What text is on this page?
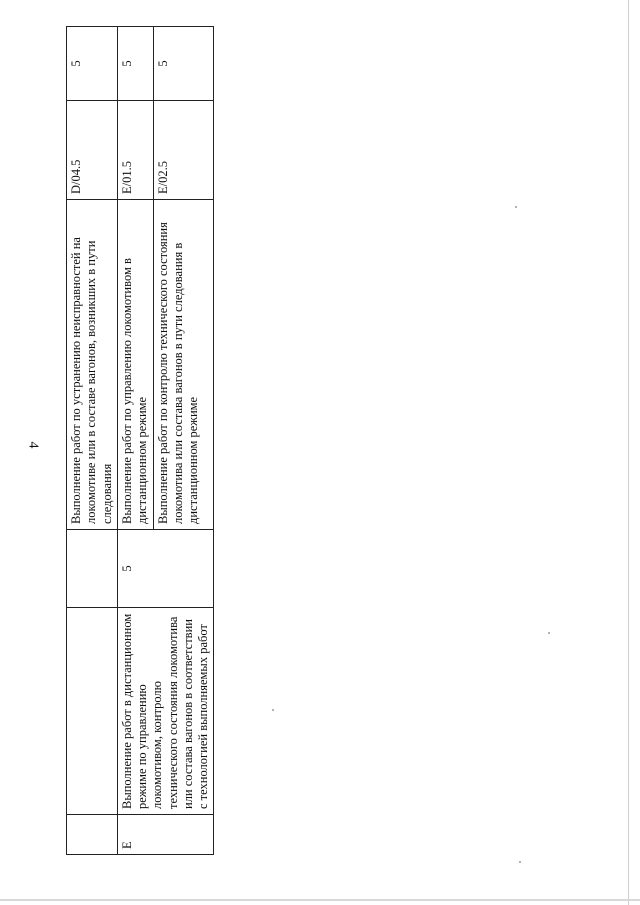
4

			Выполнение работ по устранению неисправностей на локомотиве или в составе вагонов, возникших в пути следования	D/04.5	5
E	Выполнение работ в дистанционном режиме по управлению локомотивом, контролю технического состояния локомотива или состава вагонов в соответствии с технологией выполняемых работ	5	Выполнение работ по управлению локомотивом в дистанционном режиме	E/01.5	5

			Выполнение работ по контролю технического состояния локомотива или состава вагонов в пути следования в дистанционном режиме	E/02.5	5
